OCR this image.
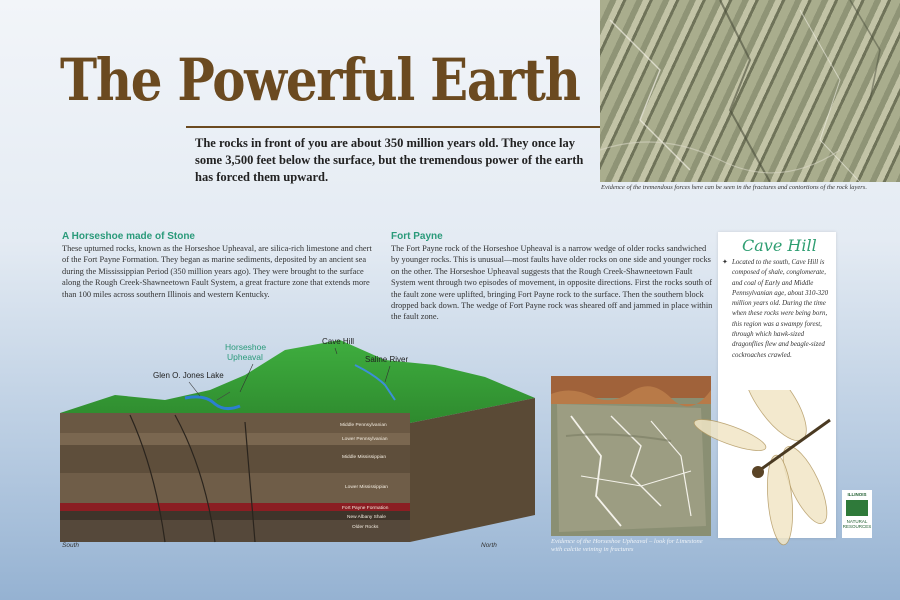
The Powerful Earth
The rocks in front of you are about 350 million years old. They once lay some 3,500 feet below the surface, but the tremendous power of the earth has forced them upward.
Evidence of the tremendous forces here can be seen in the fractures and contortions of the rock layers.
A Horseshoe made of Stone
These upturned rocks, known as the Horseshoe Upheaval, are silica-rich limestone and chert of the Fort Payne Formation. They began as marine sediments, deposited by an ancient sea during the Mississippian Period (350 million years ago). They were brought to the surface along the Rough Creek-Shawneetown Fault System, a great fracture zone that extends more than 100 miles across southern Illinois and western Kentucky.
Fort Payne
The Fort Payne rock of the Horseshoe Upheaval is a narrow wedge of older rocks sandwiched by younger rocks. This is unusual—most faults have older rocks on one side and younger rocks on the other. The Horseshoe Upheaval suggests that the Rough Creek-Shawneetown Fault System went through two episodes of movement, in opposite directions. First the rocks south of the fault zone were uplifted, bringing Fort Payne rock to the surface. Then the southern block dropped back down. The wedge of Fort Payne rock was sheared off and jammed in place within the fault zone.
Glen O. Jones Lake
Horseshoe
Upheaval
Cave Hill
Saline River
Middle Pennsylvanian
Lower Pennsylvanian
Middle Mississippian
Lower Mississippian
Fort Payne Formation
New Albany Shale
Older Rocks
South	North
Evidence of the Horseshoe Upheaval – look for Limestone with calcite veining in fractures
Cave Hill
✦ Located to the south, Cave Hill is composed of shale, conglomerate, and coal of Early and Middle Pennsylvanian age, about 310-320 million years old. During the time when these rocks were being born, this region was a swampy forest, through which hawk-sized dragonflies flew and beagle-sized cockroaches crawled.
ILLINOIS
NATURAL
RESOURCES
